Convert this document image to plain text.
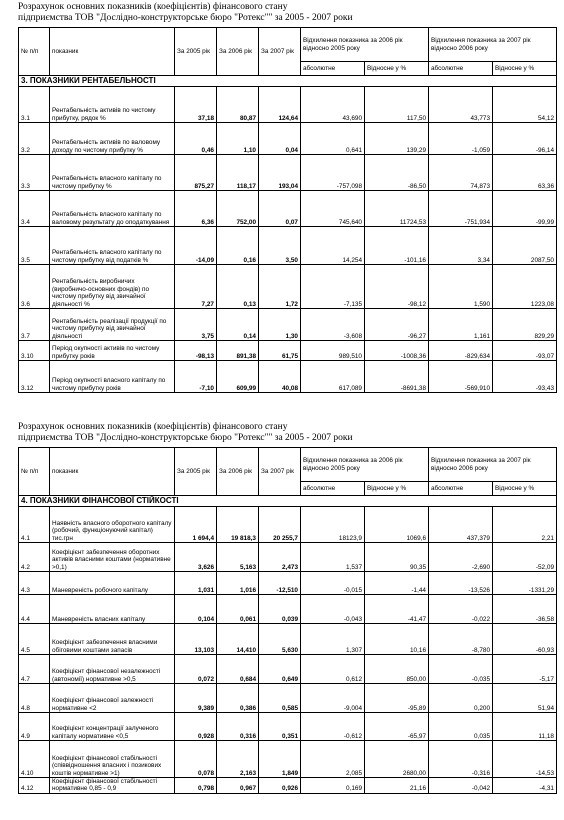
Розрахунок основних показників (коефіцієнтів) фінансового стану
підприємства ТОВ "Дослідно-конструкторське бюро "Ротекс"" за 2005 - 2007 роки
№ п/п	показник	За 2005 рік	За 2006 рік	За 2007 рік	Відхилення показника за 2006 рік відносно 2005 року		Відхилення показника за 2007 рік відносно 2006 року	
					абсолютне	Відносне у %	абсолютне	Відносне у %
3. ПОКАЗНИКИ РЕНТАБЕЛЬНОСТІ								
3.1	Рентабельність активів по чистому прибутку, рядок %	37,18	80,87	124,64	43,690	117,50	43,773	54,12
3.2	Рентабельність активів по валовому доходу по чистому прибутку %	0,46	1,10	0,04	0,641	139,29	-1,059	-96,14
3.3	Рентабельність власного капіталу по чистому прибутку %	875,27	118,17	193,04	-757,098	-86,50	74,873	63,36
3.4	Рентабельність власного капіталу по валовому результату до оподаткування	6,36	752,00	0,07	745,640	11724,53	-751,934	-99,99
3.5	Рентабельність власного капіталу по чистому прибутку від податків %	-14,09	0,16	3,50	14,254	-101,16	3,34	2087,50
3.6	Рентабельність виробничих (виробничо-основних фондів) по чистому прибутку від звичайної діяльності %	7,27	0,13	1,72	-7,135	-98,12	1,590	1223,08
3.7	Рентабельність реалізації продукції по чистому прибутку від звичайної діяльності	3,75	0,14	1,30	-3,608	-96,27	1,161	829,29
3.10	Період окупності активів по чистому прибутку років	-98,13	891,38	61,75	989,510	-1008,36	-829,634	-93,07
3.12	Період окупності власного капіталу по чистому прибутку років	-7,10	609,99	40,08	617,089	-8691,38	-569,910	-93,43
Розрахунок основних показників (коефіцієнтів) фінансового стану
підприємства ТОВ "Дослідно-конструкторське бюро "Ротекс"" за 2005 - 2007 роки
№ п/п	показник	За 2005 рік	За 2006 рік	За 2007 рік	Відхилення показника за 2006 рік відносно 2005 року		Відхилення показника за 2007 рік відносно 2006 року	
					абсолютне	Відносне у %	абсолютне	Відносне у %
4. ПОКАЗНИКИ ФІНАНСОВОЇ СТІЙКОСТІ								
4.1	Наявність власного оборотного капіталу (робочий, функціонуючий капітал) тис.грн	1 694,4	19 818,3	20 255,7	18123,9	1069,6	437,379	2,21
4.2	Коефіцієнт забезпечення оборотних активів власними коштами (нормативне >0,1)	3,626	5,163	2,473	1,537	90,35	-2,690	-52,09
4.3	Маневреність робочого капіталу	1,031	1,016	-12,510	-0,015	-1,44	-13,526	-1331,29
4.4	Маневреність власних капіталу	0,104	0,061	0,039	-0,043	-41,47	-0,022	-36,58
4.5	Коефіцієнт забезпечення власними обіговими коштами запасів	13,103	14,410	5,630	1,307	10,16	-8,780	-60,93
4.7	Коефіцієнт фінансової незалежності (автономії) нормативне >0,5	0,072	0,684	0,649	0,612	850,00	-0,035	-5,17
4.8	Коефіцієнт фінансової залежності нормативне <2	9,389	0,386	0,585	-9,004	-95,89	0,200	51,94
4.9	Коефіцієнт концентрації залученого капіталу нормативне <0,5	0,928	0,316	0,351	-0,612	-65,97	0,035	11,18
4.10	Коефіцієнт фінансової стабільності (співвідношення власних і позикових коштів нормативне >1)	0,078	2,163	1,849	2,085	2680,00	-0,316	-14,53
4.12	Коефіцієнт фінансової стабільності нормативне 0,85 - 0,9	0,798	0,967	0,926	0,169	21,16	-0,042	-4,31
